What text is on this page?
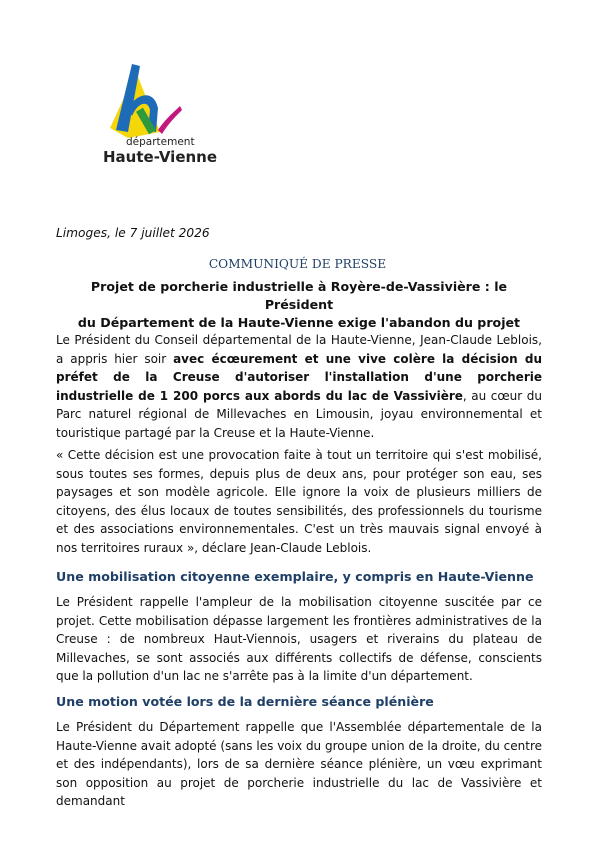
département
Haute-Vienne
Limoges, le 7 juillet 2026
COMMUNIQUÉ DE PRESSE
Projet de porcherie industrielle à Royère-de-Vassivière : le Président
du Département de la Haute-Vienne exige l'abandon du projet
Le Président du Conseil départemental de la Haute-Vienne, Jean-Claude Leblois, a appris hier soir avec écœurement et une vive colère la décision du préfet de la Creuse d'autoriser l'installation d'une porcherie industrielle de 1 200 porcs aux abords du lac de Vassivière, au cœur du Parc naturel régional de Millevaches en Limousin, joyau environnemental et touristique partagé par la Creuse et la Haute-Vienne.
« Cette décision est une provocation faite à tout un territoire qui s'est mobilisé, sous toutes ses formes, depuis plus de deux ans, pour protéger son eau, ses paysages et son modèle agricole. Elle ignore la voix de plusieurs milliers de citoyens, des élus locaux de toutes sensibilités, des professionnels du tourisme et des associations environnementales. C'est un très mauvais signal envoyé à nos territoires ruraux », déclare Jean-Claude Leblois.
Une mobilisation citoyenne exemplaire, y compris en Haute-Vienne
Le Président rappelle l'ampleur de la mobilisation citoyenne suscitée par ce projet. Cette mobilisation dépasse largement les frontières administratives de la Creuse : de nombreux Haut-Viennois, usagers et riverains du plateau de Millevaches, se sont associés aux différents collectifs de défense, conscients que la pollution d'un lac ne s'arrête pas à la limite d'un département.
Une motion votée lors de la dernière séance plénière
Le Président du Département rappelle que l'Assemblée départementale de la Haute-Vienne avait adopté (sans les voix du groupe union de la droite, du centre et des indépendants), lors de sa dernière séance plénière, un vœu exprimant son opposition au projet de porcherie industrielle du lac de Vassivière et demandant
